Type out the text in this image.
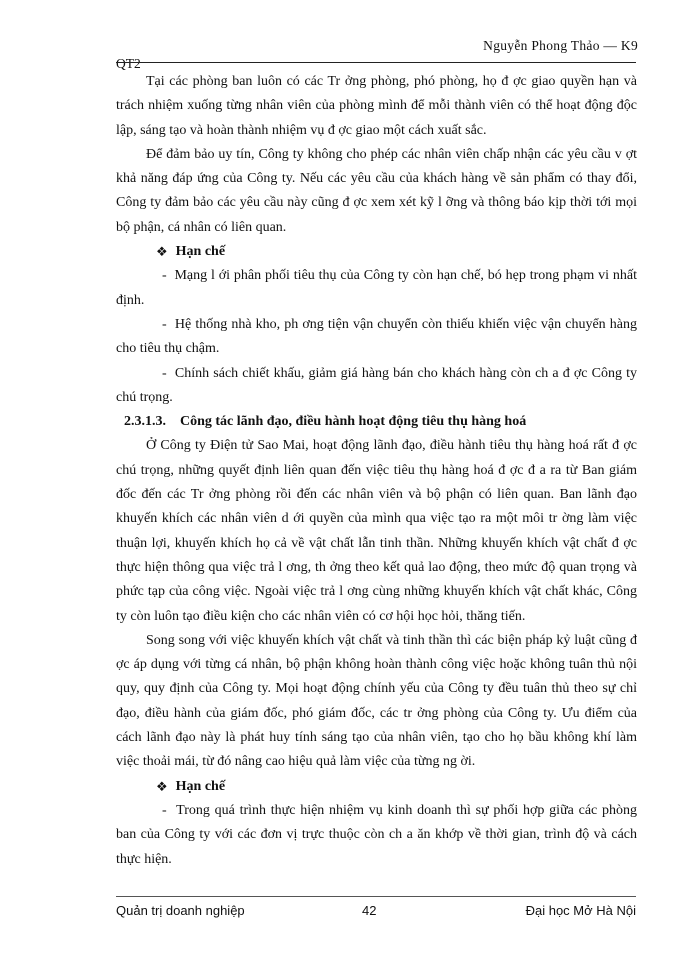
Nguyễn Phong Thảo — K9
QT2

Tại các phòng ban luôn có các Tr ởng phòng, phó phòng, họ đ ợc giao quyền hạn và trách nhiệm xuống từng nhân viên của phòng mình để mỗi thành viên có thể hoạt động độc lập, sáng tạo và hoàn thành nhiệm vụ đ ợc giao một cách xuất sắc.

Để đảm bảo uy tín, Công ty không cho phép các nhân viên chấp nhận các yêu cầu v ợt khả năng đáp ứng của Công ty. Nếu các yêu cầu của khách hàng về sản phẩm có thay đổi, Công ty đảm bảo các yêu cầu này cũng đ ợc xem xét kỹ l ỡng và thông báo kịp thời tới mọi bộ phận, cá nhân có liên quan.

❖ Hạn chế

-  Mạng l ới phân phối tiêu thụ của Công ty còn hạn chế, bó hẹp trong phạm vi nhất định.

-  Hệ thống nhà kho, ph ơng tiện vận chuyển còn thiếu khiến việc vận chuyển hàng cho tiêu thụ chậm.

-  Chính sách chiết khấu, giảm giá hàng bán cho khách hàng còn ch a đ ợc Công ty chú trọng.

2.3.1.3. Công tác lãnh đạo, điều hành hoạt động tiêu thụ hàng hoá

Ở Công ty Điện tử Sao Mai, hoạt động lãnh đạo, điều hành tiêu thụ hàng hoá rất đ ợc chú trọng, những quyết định liên quan đến việc tiêu thụ hàng hoá đ ợc đ a ra từ Ban giám đốc đến các Tr ởng phòng rồi đến các nhân viên và bộ phận có liên quan. Ban lãnh đạo khuyến khích các nhân viên d ới quyền của mình qua việc tạo ra một môi tr ờng làm việc thuận lợi, khuyến khích họ cả về vật chất lẫn tinh thần. Những khuyến khích vật chất đ ợc thực hiện thông qua việc trả l ơng, th ởng theo kết quả lao động, theo mức độ quan trọng và phức tạp của công việc. Ngoài việc trả l ơng cùng những khuyến khích vật chất khác, Công ty còn luôn tạo điều kiện cho các nhân viên có cơ hội học hỏi, thăng tiến.

Song song với việc khuyến khích vật chất và tinh thần thì các biện pháp kỷ luật cũng đ ợc áp dụng với từng cá nhân, bộ phận không hoàn thành công việc hoặc không tuân thủ nội quy, quy định của Công ty. Mọi hoạt động chính yếu của Công ty đều tuân thủ theo sự chỉ đạo, điều hành của giám đốc, phó giám đốc, các tr ởng phòng của Công ty. Ưu điểm của cách lãnh đạo này là phát huy tính sáng tạo của nhân viên, tạo cho họ bầu không khí làm việc thoải mái, từ đó nâng cao hiệu quả làm việc của từng ng ời.

❖ Hạn chế

-  Trong quá trình thực hiện nhiệm vụ kinh doanh thì sự phối hợp giữa các phòng ban của Công ty với các đơn vị trực thuộc còn ch a ăn khớp về thời gian, trình độ và cách thực hiện.

Quản trị doanh nghiệp	42	Đại học Mở Hà Nội
